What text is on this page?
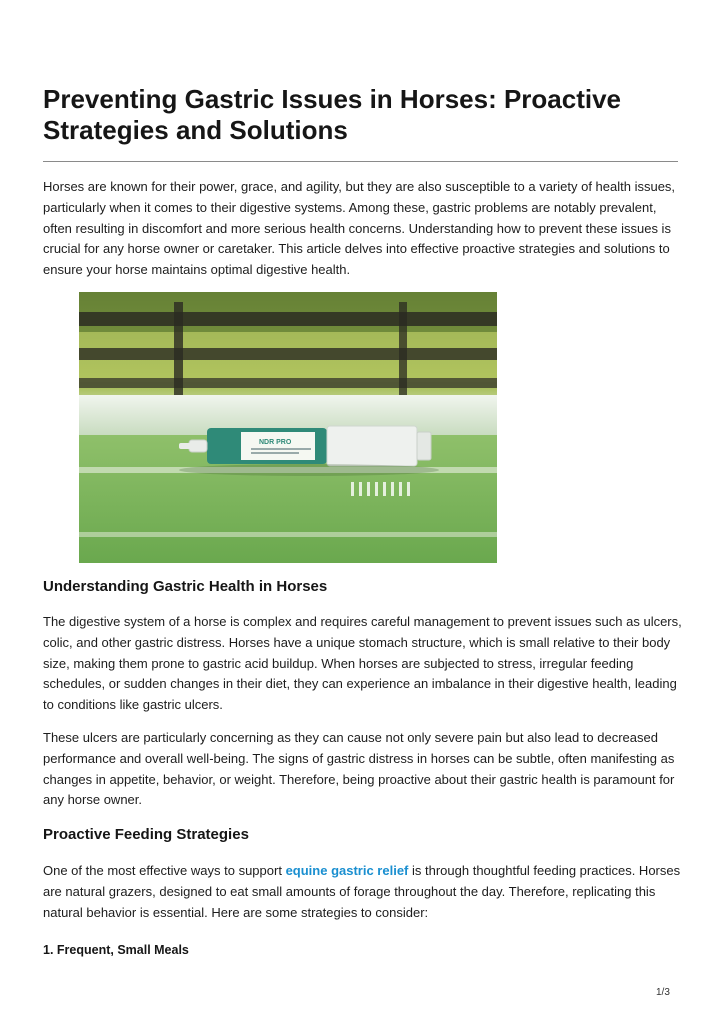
Preventing Gastric Issues in Horses: Proactive Strategies and Solutions

Horses are known for their power, grace, and agility, but they are also susceptible to a variety of health issues, particularly when it comes to their digestive systems. Among these, gastric problems are notably prevalent, often resulting in discomfort and more serious health concerns. Understanding how to prevent these issues is crucial for any horse owner or caretaker. This article delves into effective proactive strategies and solutions to ensure your horse maintains optimal digestive health.

NDR PRO
Understanding Gastric Health in Horses

The digestive system of a horse is complex and requires careful management to prevent issues such as ulcers, colic, and other gastric distress. Horses have a unique stomach structure, which is small relative to their body size, making them prone to gastric acid buildup. When horses are subjected to stress, irregular feeding schedules, or sudden changes in their diet, they can experience an imbalance in their digestive health, leading to conditions like gastric ulcers.

These ulcers are particularly concerning as they can cause not only severe pain but also lead to decreased performance and overall well-being. The signs of gastric distress in horses can be subtle, often manifesting as changes in appetite, behavior, or weight. Therefore, being proactive about their gastric health is paramount for any horse owner.

Proactive Feeding Strategies

One of the most effective ways to support equine gastric relief is through thoughtful feeding practices. Horses are natural grazers, designed to eat small amounts of forage throughout the day. Therefore, replicating this natural behavior is essential. Here are some strategies to consider:

1. Frequent, Small Meals
1/3
